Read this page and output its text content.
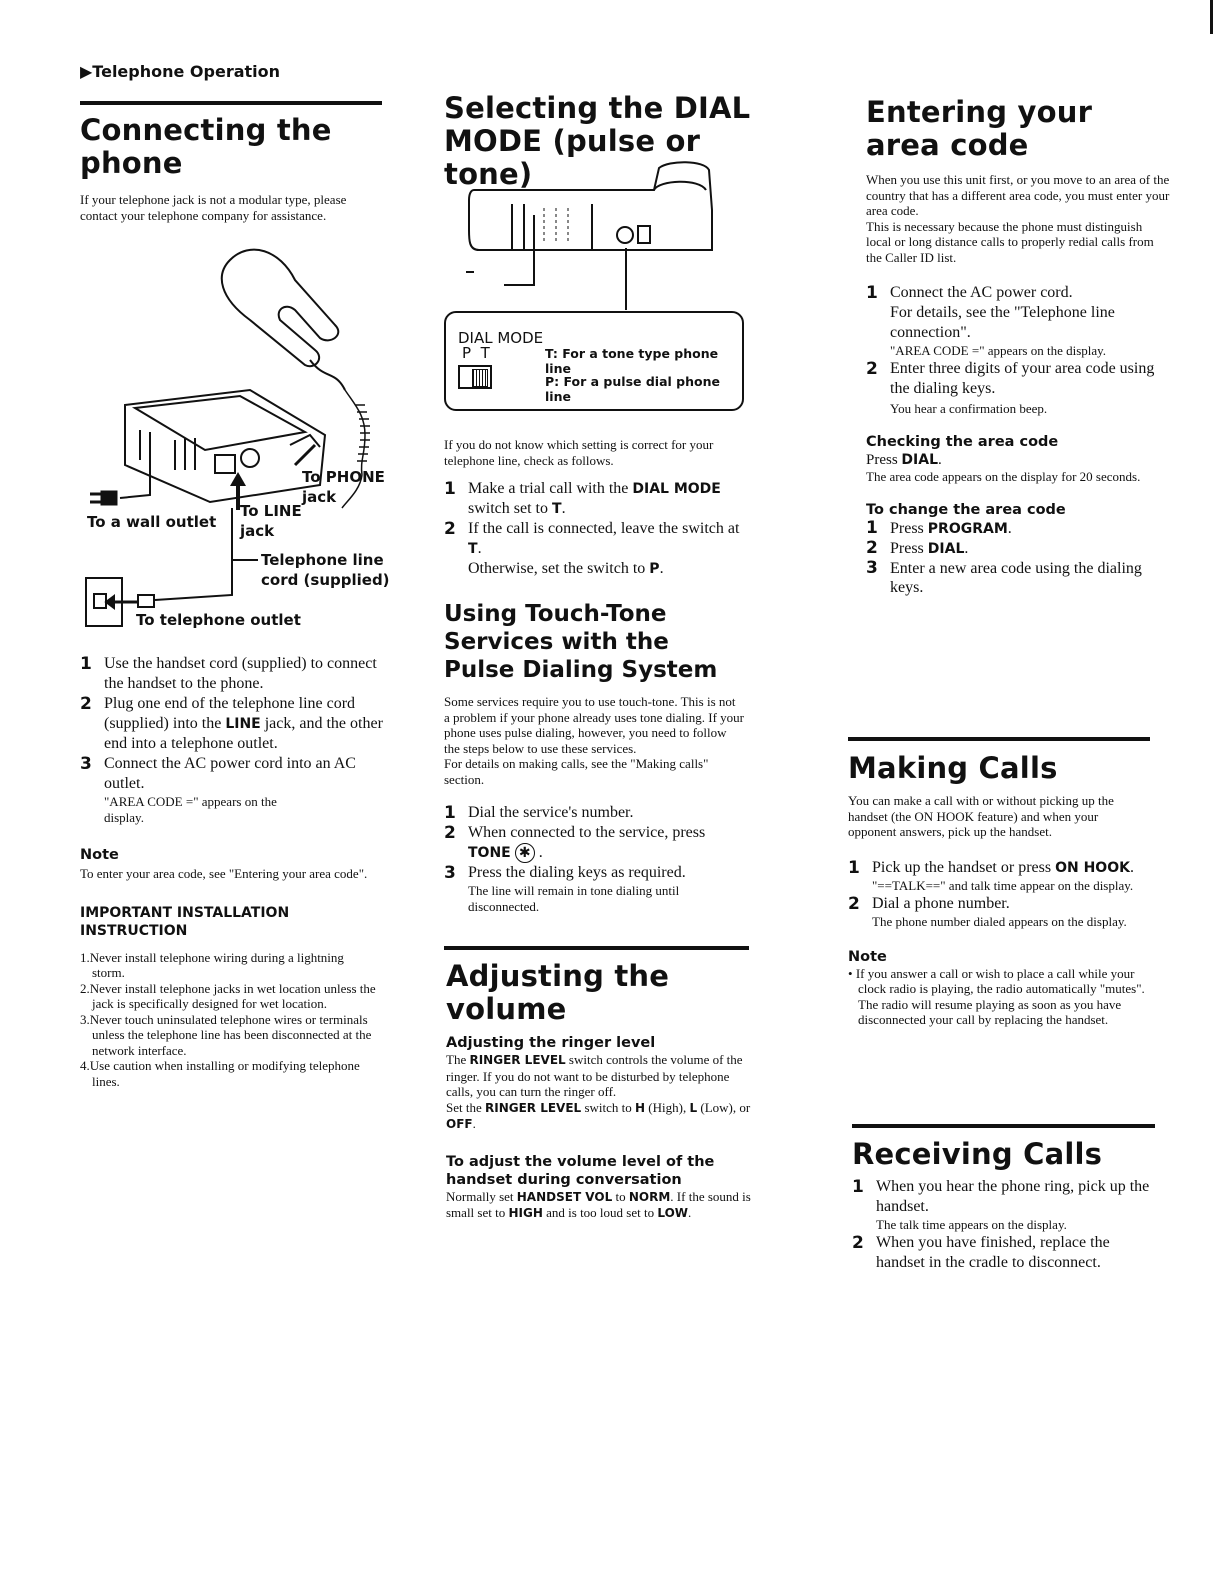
▶Telephone Operation
Connecting the phone

If your telephone jack is not a modular type, please contact your telephone company for assistance.

To PHONE
jack
To LINE
jack
To a wall outlet
Telephone line
cord (supplied)
To telephone outlet
1 Use the handset cord (supplied) to connect the handset to the phone.
2 Plug one end of the telephone line cord (supplied) into the LINE jack, and the other end into a telephone outlet.
3 Connect the AC power cord into an AC outlet.
"AREA CODE =" appears on the display.
Note

To enter your area code, see "Entering your area code".

IMPORTANT INSTALLATION INSTRUCTION

1.Never install telephone wiring during a lightning storm.

2.Never install telephone jacks in wet location unless the jack is specifically designed for wet location.

3.Never touch uninsulated telephone wires or terminals unless the telephone line has been disconnected at the network interface.

4.Use caution when installing or modifying telephone lines.

Selecting the DIAL MODE (pulse or tone)
DIAL MODE
P  T	T: For a tone type phone line
P: For a pulse dial phone line

If you do not know which setting is correct for your telephone line, check as follows.

1 Make a trial call with the DIAL MODE switch set to T.
2 If the call is connected, leave the switch at T.
Otherwise, set the switch to P.
Using Touch-Tone Services with the Pulse Dialing System

Some services require you to use touch-tone. This is not a problem if your phone already uses tone dialing. If your phone uses pulse dialing, however, you need to follow the steps below to use these services.

For details on making calls, see the "Making calls" section.

1 Dial the service's number.
2 When connected to the service, press
TONE ✱ .
3 Press the dialing keys as required.
The line will remain in tone dialing until disconnected.
Adjusting the volume
Adjusting the ringer level

The RINGER LEVEL switch controls the volume of the ringer. If you do not want to be disturbed by telephone calls, you can turn the ringer off.
Set the RINGER LEVEL switch to H (High), L (Low), or OFF.

To adjust the volume level of the handset during conversation

Normally set HANDSET VOL to NORM. If the sound is small set to HIGH and is too loud set to LOW.

Entering your area code

When you use this unit first, or you move to an area of the country that has a different area code, you must enter your area code.

This is necessary because the phone must distinguish local or long distance calls to properly redial calls from the Caller ID list.

1 Connect the AC power cord.
For details, see the "Telephone line connection".
"AREA CODE =" appears on the display.
2 Enter three digits of your area code using the dialing keys.
You hear a confirmation beep.
Checking the area code
Press DIAL.

The area code appears on the display for 20 seconds.

To change the area code
1 Press PROGRAM.
2 Press DIAL.
3 Enter a new area code using the dialing keys.
Making Calls

You can make a call with or without picking up the handset (the ON HOOK feature) and when your opponent answers, pick up the handset.

1 Pick up the handset or press ON HOOK.
"==TALK==" and talk time appear on the display.
2 Dial a phone number.
The phone number dialed appears on the display.
Note

• If you answer a call or wish to place a call while your clock radio is playing, the radio automatically "mutes". The radio will resume playing as soon as you have disconnected your call by replacing the handset.

Receiving Calls
1 When you hear the phone ring, pick up the handset.
The talk time appears on the display.
2 When you have finished, replace the handset in the cradle to disconnect.
